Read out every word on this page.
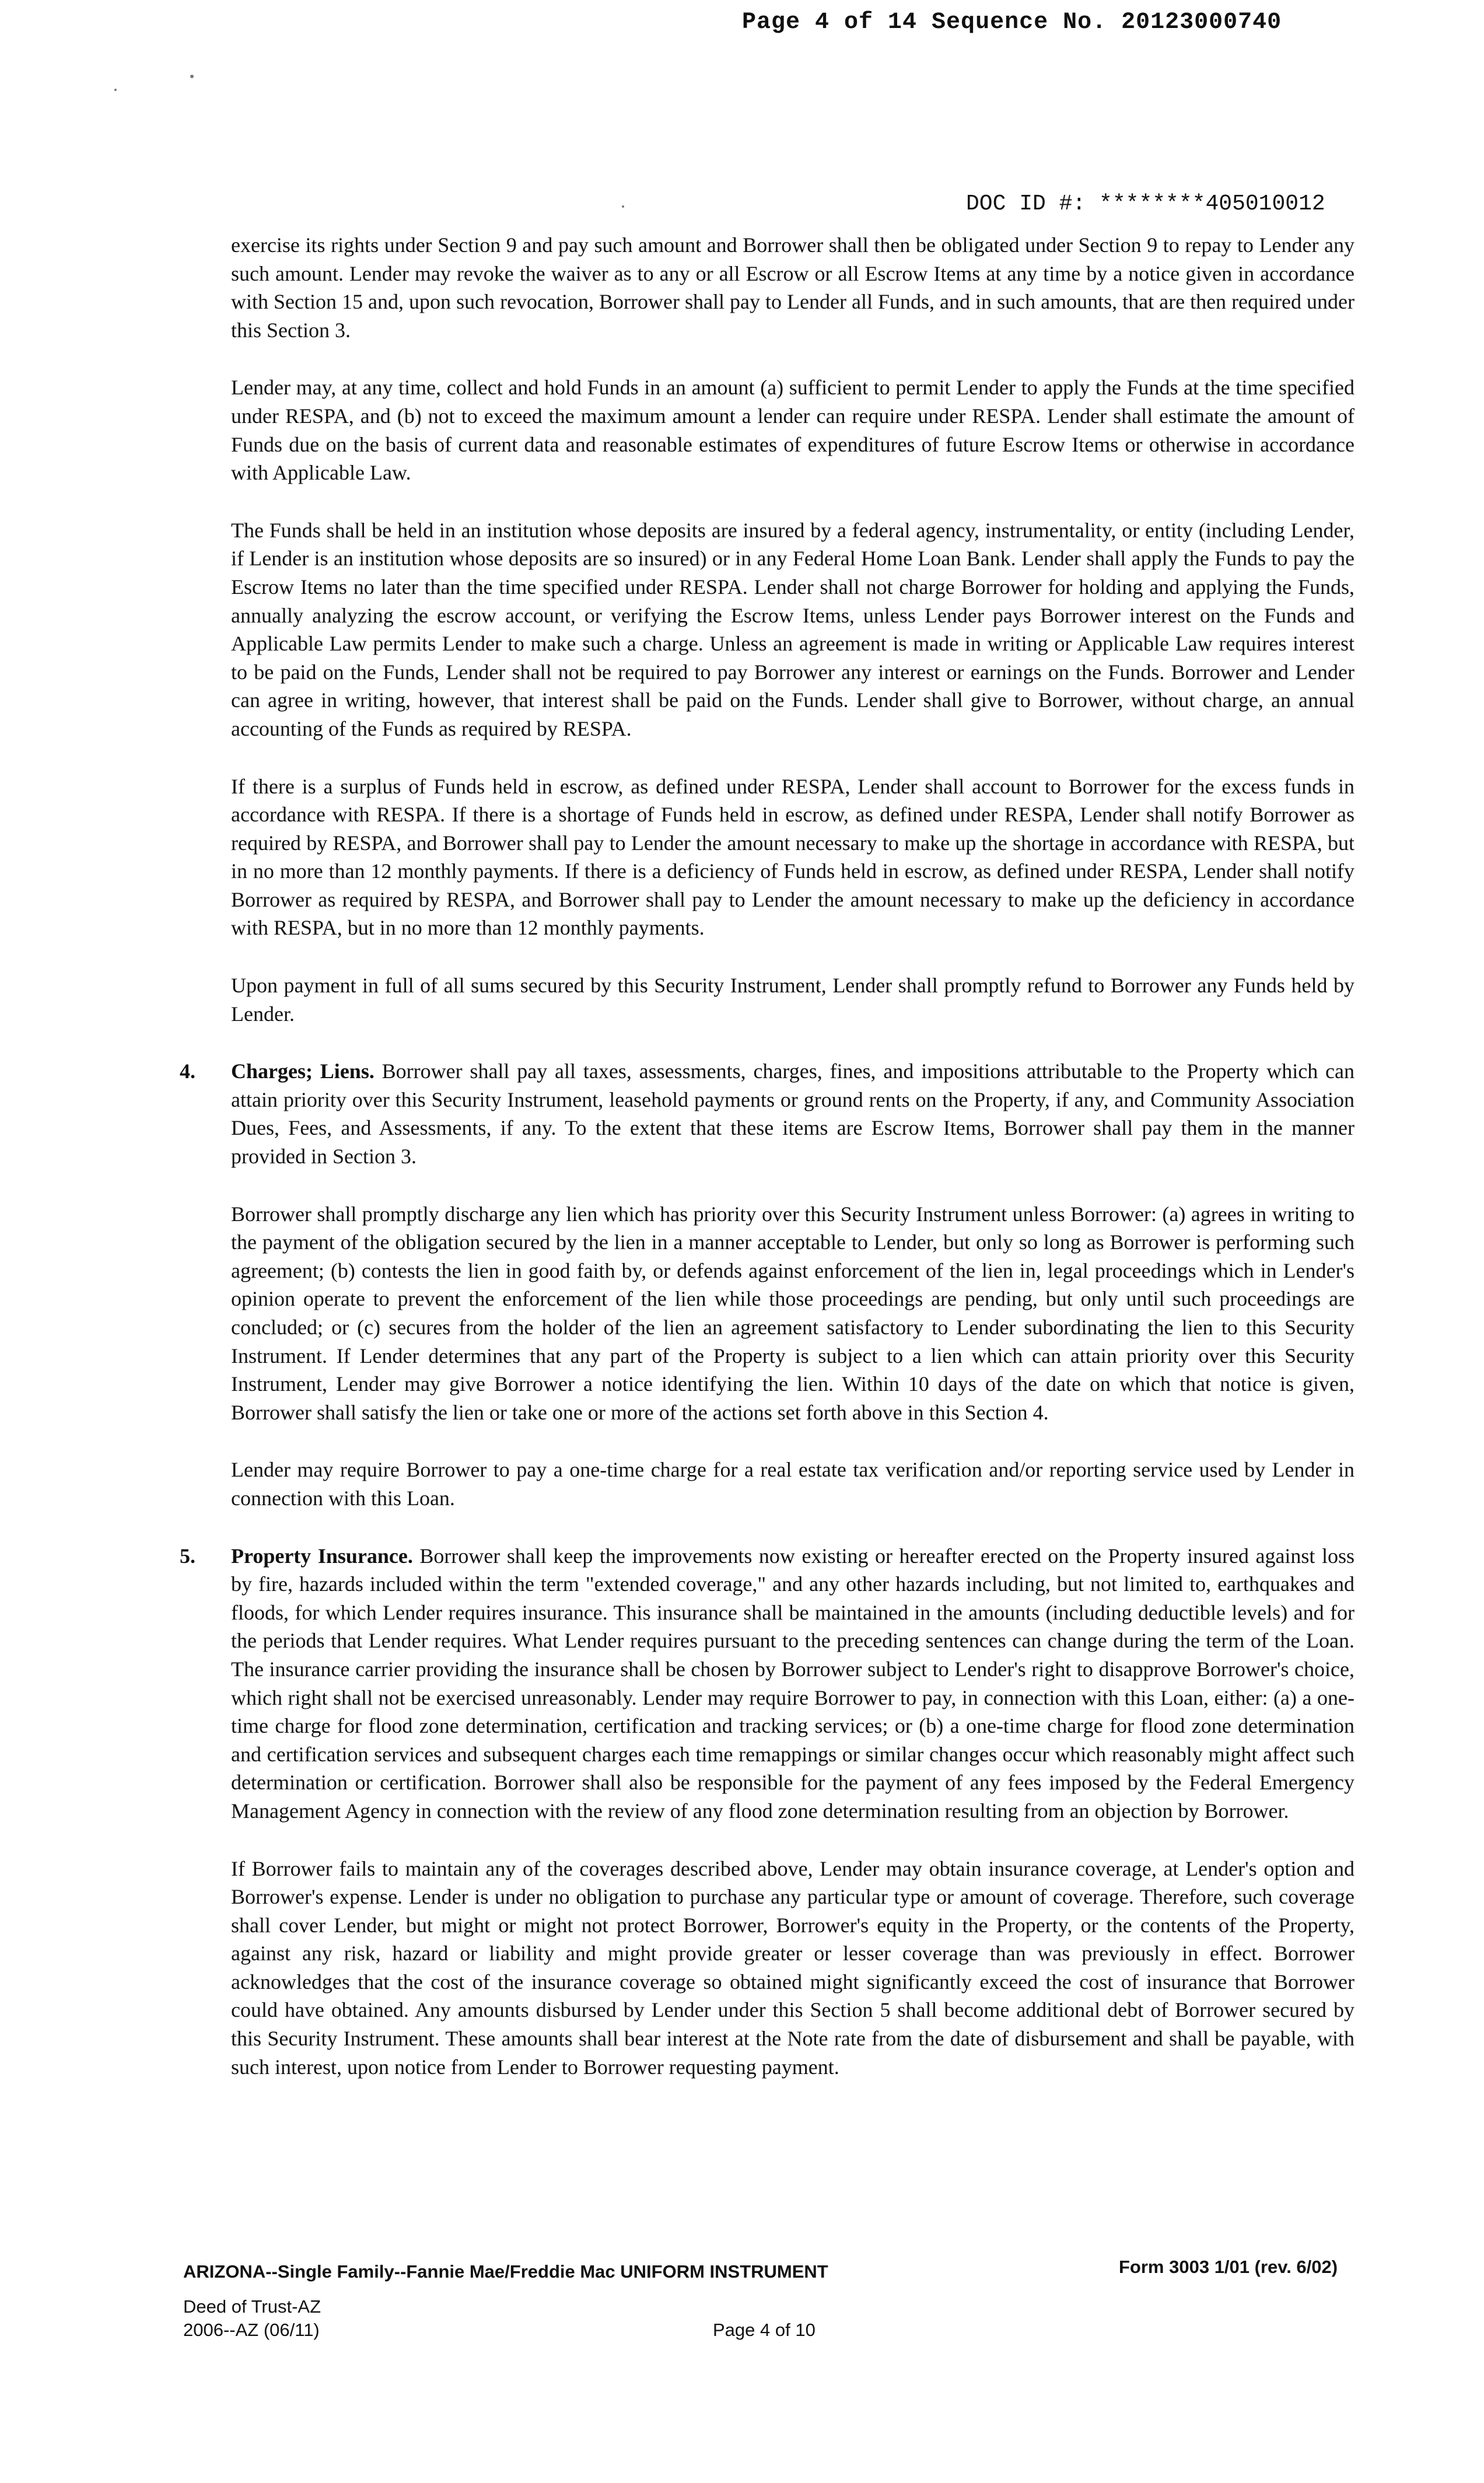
Page 4 of 14 Sequence No. 20123000740
DOC ID #: ********405010012

exercise its rights under Section 9 and pay such amount and Borrower shall then be obligated under Section 9 to repay to Lender any such amount. Lender may revoke the waiver as to any or all Escrow or all Escrow Items at any time by a notice given in accordance with Section 15 and, upon such revocation, Borrower shall pay to Lender all Funds, and in such amounts, that are then required under this Section 3.

Lender may, at any time, collect and hold Funds in an amount (a) sufficient to permit Lender to apply the Funds at the time specified under RESPA, and (b) not to exceed the maximum amount a lender can require under RESPA. Lender shall estimate the amount of Funds due on the basis of current data and reasonable estimates of expenditures of future Escrow Items or otherwise in accordance with Applicable Law.

The Funds shall be held in an institution whose deposits are insured by a federal agency, instrumentality, or entity (including Lender, if Lender is an institution whose deposits are so insured) or in any Federal Home Loan Bank. Lender shall apply the Funds to pay the Escrow Items no later than the time specified under RESPA. Lender shall not charge Borrower for holding and applying the Funds, annually analyzing the escrow account, or verifying the Escrow Items, unless Lender pays Borrower interest on the Funds and Applicable Law permits Lender to make such a charge. Unless an agreement is made in writing or Applicable Law requires interest to be paid on the Funds, Lender shall not be required to pay Borrower any interest or earnings on the Funds. Borrower and Lender can agree in writing, however, that interest shall be paid on the Funds. Lender shall give to Borrower, without charge, an annual accounting of the Funds as required by RESPA.

If there is a surplus of Funds held in escrow, as defined under RESPA, Lender shall account to Borrower for the excess funds in accordance with RESPA. If there is a shortage of Funds held in escrow, as defined under RESPA, Lender shall notify Borrower as required by RESPA, and Borrower shall pay to Lender the amount necessary to make up the shortage in accordance with RESPA, but in no more than 12 monthly payments. If there is a deficiency of Funds held in escrow, as defined under RESPA, Lender shall notify Borrower as required by RESPA, and Borrower shall pay to Lender the amount necessary to make up the deficiency in accordance with RESPA, but in no more than 12 monthly payments.

Upon payment in full of all sums secured by this Security Instrument, Lender shall promptly refund to Borrower any Funds held by Lender.

4. Charges; Liens. Borrower shall pay all taxes, assessments, charges, fines, and impositions attributable to the Property which can attain priority over this Security Instrument, leasehold payments or ground rents on the Property, if any, and Community Association Dues, Fees, and Assessments, if any. To the extent that these items are Escrow Items, Borrower shall pay them in the manner provided in Section 3.

Borrower shall promptly discharge any lien which has priority over this Security Instrument unless Borrower: (a) agrees in writing to the payment of the obligation secured by the lien in a manner acceptable to Lender, but only so long as Borrower is performing such agreement; (b) contests the lien in good faith by, or defends against enforcement of the lien in, legal proceedings which in Lender's opinion operate to prevent the enforcement of the lien while those proceedings are pending, but only until such proceedings are concluded; or (c) secures from the holder of the lien an agreement satisfactory to Lender subordinating the lien to this Security Instrument. If Lender determines that any part of the Property is subject to a lien which can attain priority over this Security Instrument, Lender may give Borrower a notice identifying the lien. Within 10 days of the date on which that notice is given, Borrower shall satisfy the lien or take one or more of the actions set forth above in this Section 4.

Lender may require Borrower to pay a one-time charge for a real estate tax verification and/or reporting service used by Lender in connection with this Loan.

5. Property Insurance. Borrower shall keep the improvements now existing or hereafter erected on the Property insured against loss by fire, hazards included within the term "extended coverage," and any other hazards including, but not limited to, earthquakes and floods, for which Lender requires insurance. This insurance shall be maintained in the amounts (including deductible levels) and for the periods that Lender requires. What Lender requires pursuant to the preceding sentences can change during the term of the Loan. The insurance carrier providing the insurance shall be chosen by Borrower subject to Lender's right to disapprove Borrower's choice, which right shall not be exercised unreasonably. Lender may require Borrower to pay, in connection with this Loan, either: (a) a one-time charge for flood zone determination, certification and tracking services; or (b) a one-time charge for flood zone determination and certification services and subsequent charges each time remappings or similar changes occur which reasonably might affect such determination or certification. Borrower shall also be responsible for the payment of any fees imposed by the Federal Emergency Management Agency in connection with the review of any flood zone determination resulting from an objection by Borrower.

If Borrower fails to maintain any of the coverages described above, Lender may obtain insurance coverage, at Lender's option and Borrower's expense. Lender is under no obligation to purchase any particular type or amount of coverage. Therefore, such coverage shall cover Lender, but might or might not protect Borrower, Borrower's equity in the Property, or the contents of the Property, against any risk, hazard or liability and might provide greater or lesser coverage than was previously in effect. Borrower acknowledges that the cost of the insurance coverage so obtained might significantly exceed the cost of insurance that Borrower could have obtained. Any amounts disbursed by Lender under this Section 5 shall become additional debt of Borrower secured by this Security Instrument. These amounts shall bear interest at the Note rate from the date of disbursement and shall be payable, with such interest, upon notice from Lender to Borrower requesting payment.

ARIZONA--Single Family--Fannie Mae/Freddie Mac UNIFORM INSTRUMENT	Form 3003 1/01 (rev. 6/02)
Deed of Trust-AZ
2006--AZ (06/11)	Page 4 of 10
